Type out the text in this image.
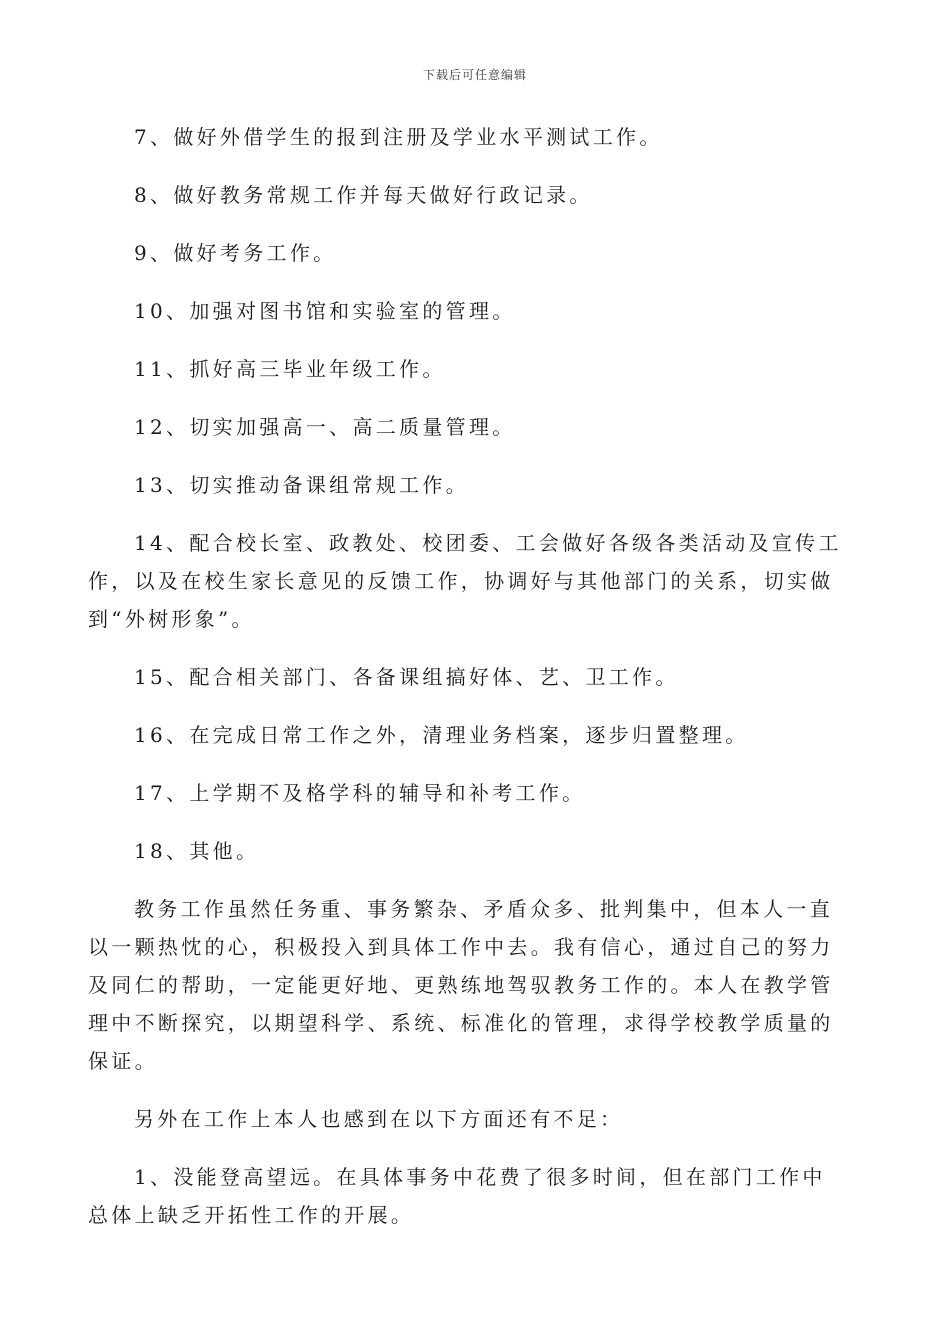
下载后可任意编辑

7、做好外借学生的报到注册及学业水平测试工作。

8、做好教务常规工作并每天做好行政记录。

9、做好考务工作。

10、加强对图书馆和实验室的管理。

11、抓好高三毕业年级工作。

12、切实加强高一、高二质量管理。

13、切实推动备课组常规工作。

14、配合校长室、政教处、校团委、工会做好各级各类活动及宣传工作，以及在校生家长意见的反馈工作，协调好与其他部门的关系，切实做到“外树形象”。

15、配合相关部门、各备课组搞好体、艺、卫工作。

16、在完成日常工作之外，清理业务档案，逐步归置整理。

17、上学期不及格学科的辅导和补考工作。

18、其他。

教务工作虽然任务重、事务繁杂、矛盾众多、批判集中，但本人一直以一颗热忱的心，积极投入到具体工作中去。我有信心，通过自己的努力及同仁的帮助，一定能更好地、更熟练地驾驭教务工作的。本人在教学管理中不断探究，以期望科学、系统、标准化的管理，求得学校教学质量的保证。

另外在工作上本人也感到在以下方面还有不足：

1、没能登高望远。在具体事务中花费了很多时间，但在部门工作中总体上缺乏开拓性工作的开展。
